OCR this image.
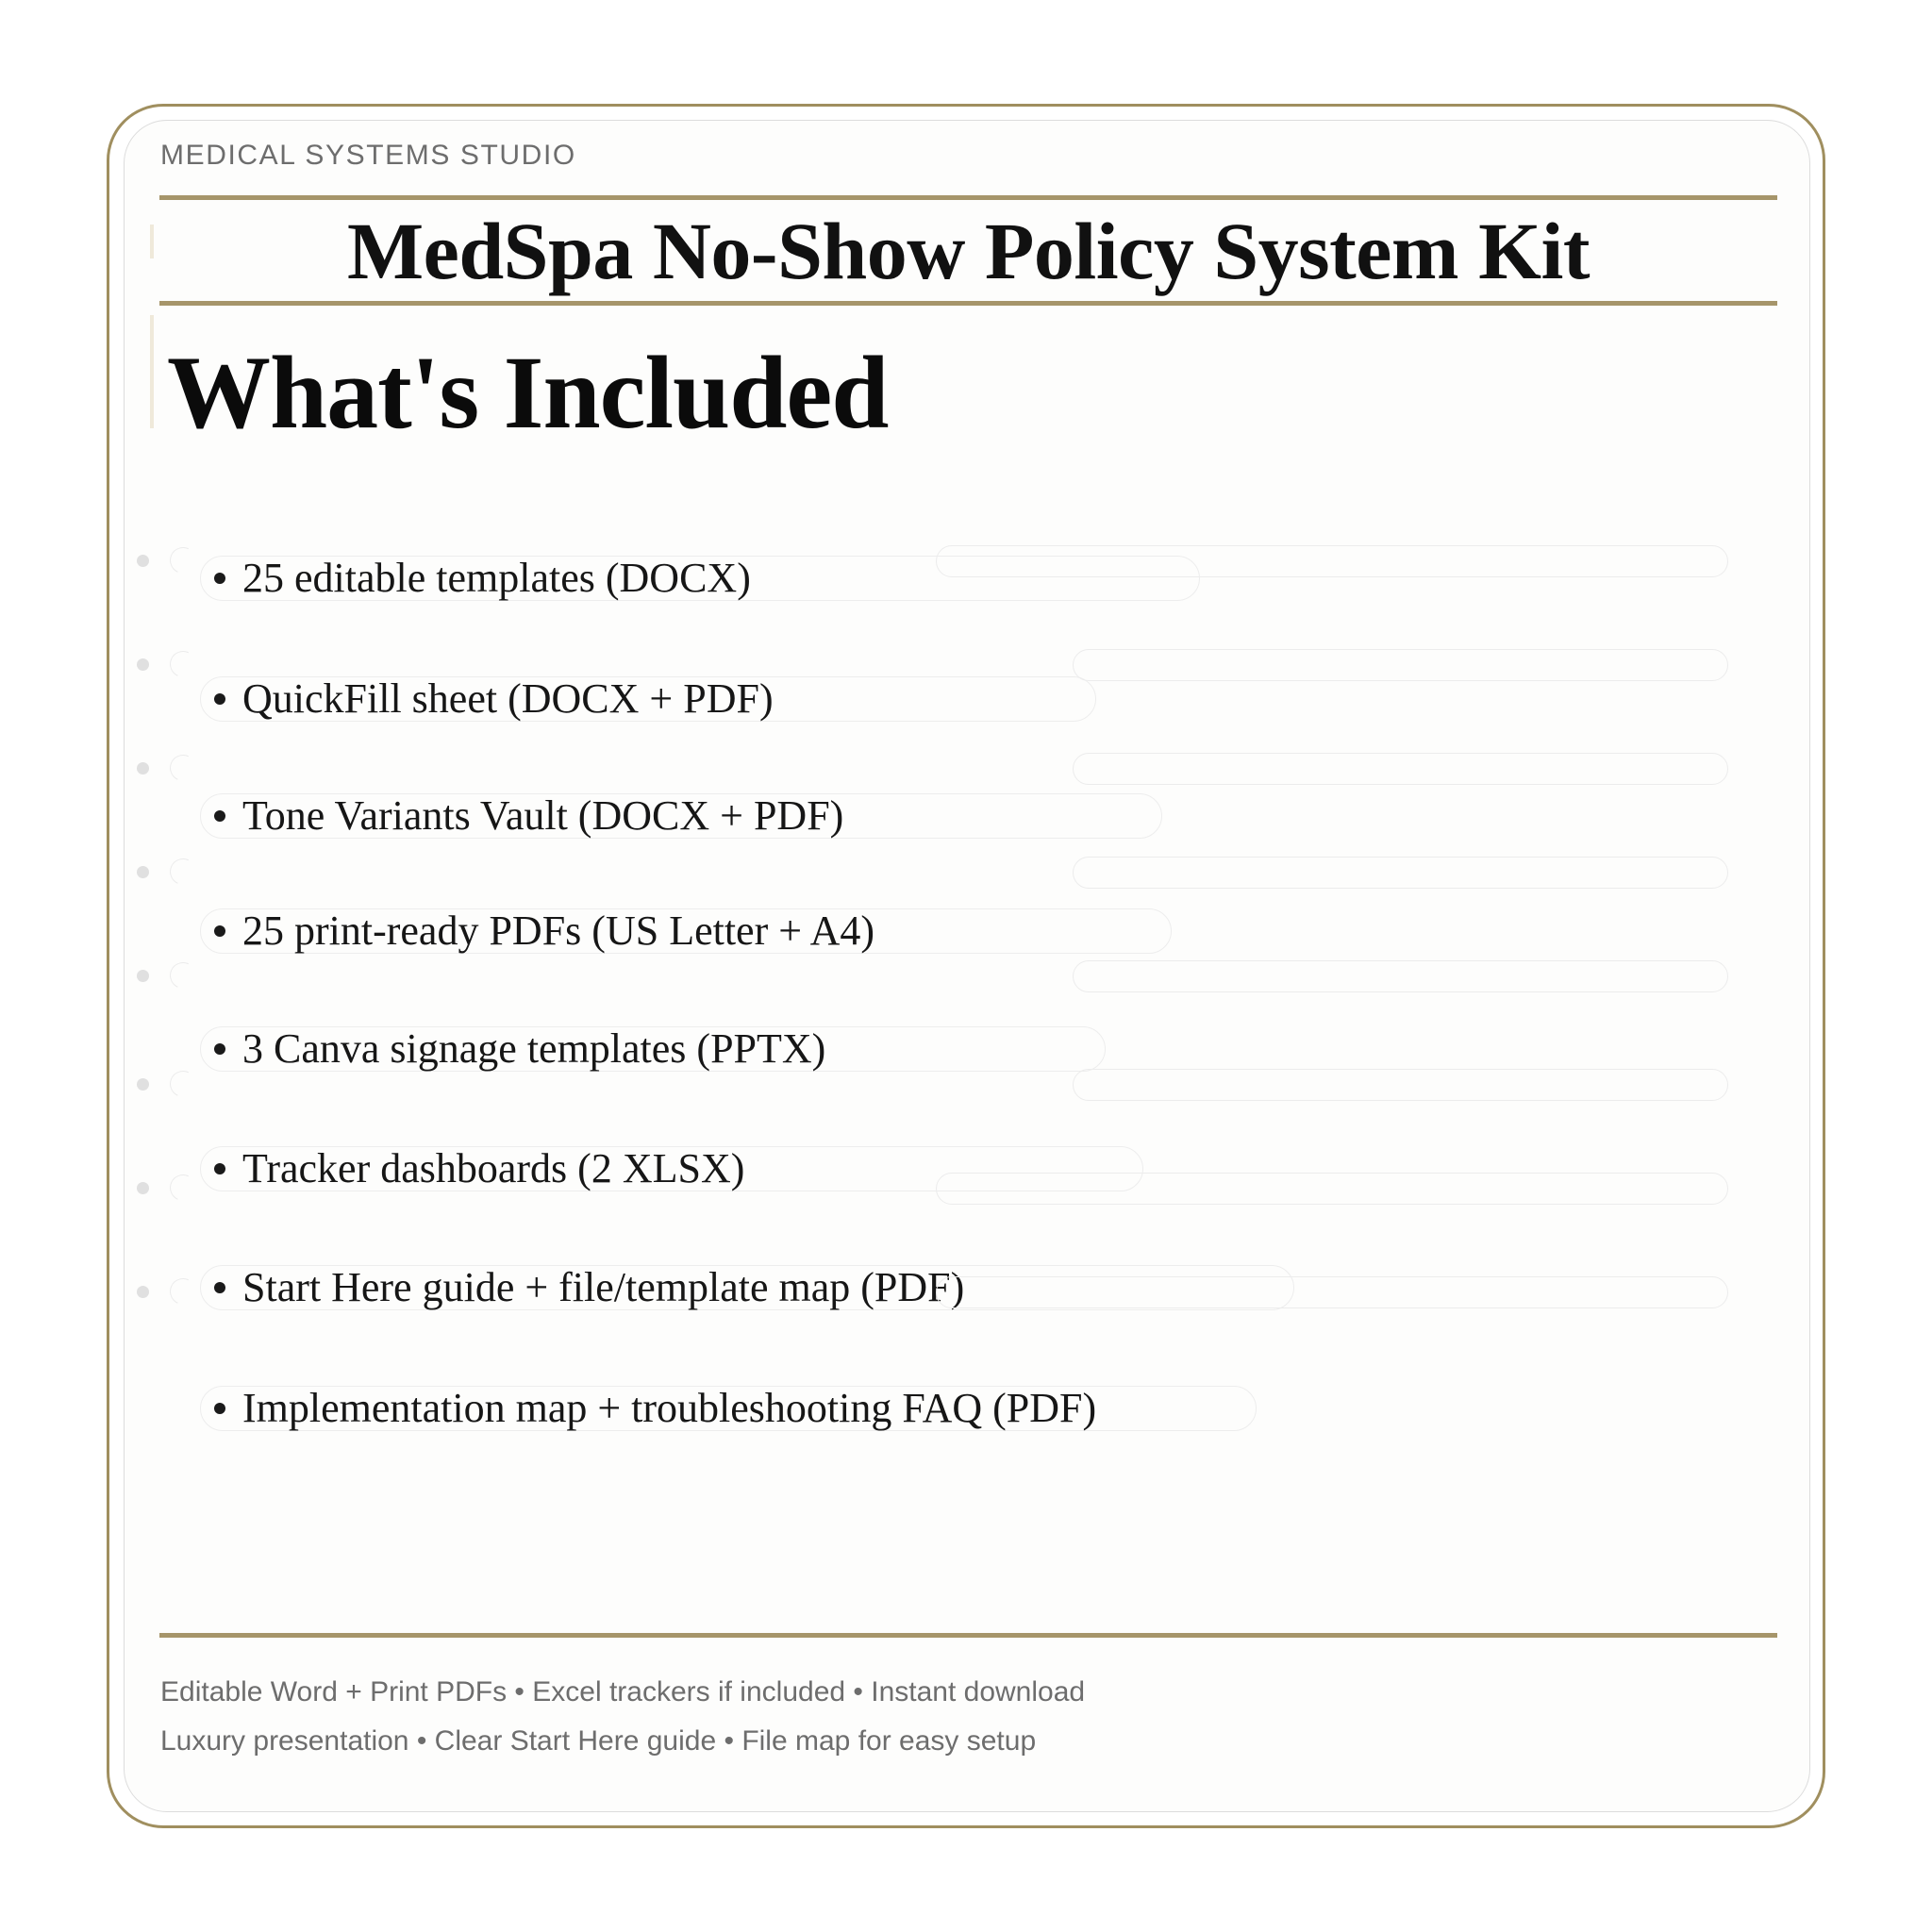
MEDICAL SYSTEMS STUDIO
MedSpa No-Show Policy System Kit
What's Included
25 editable templates (DOCX)
QuickFill sheet (DOCX + PDF)
Tone Variants Vault (DOCX + PDF)
25 print-ready PDFs (US Letter + A4)
3 Canva signage templates (PPTX)
Tracker dashboards (2 XLSX)
Start Here guide + file/template map (PDF)
Implementation map + troubleshooting FAQ (PDF)
Editable Word + Print PDFs • Excel trackers if included • Instant download
Luxury presentation • Clear Start Here guide • File map for easy setup
